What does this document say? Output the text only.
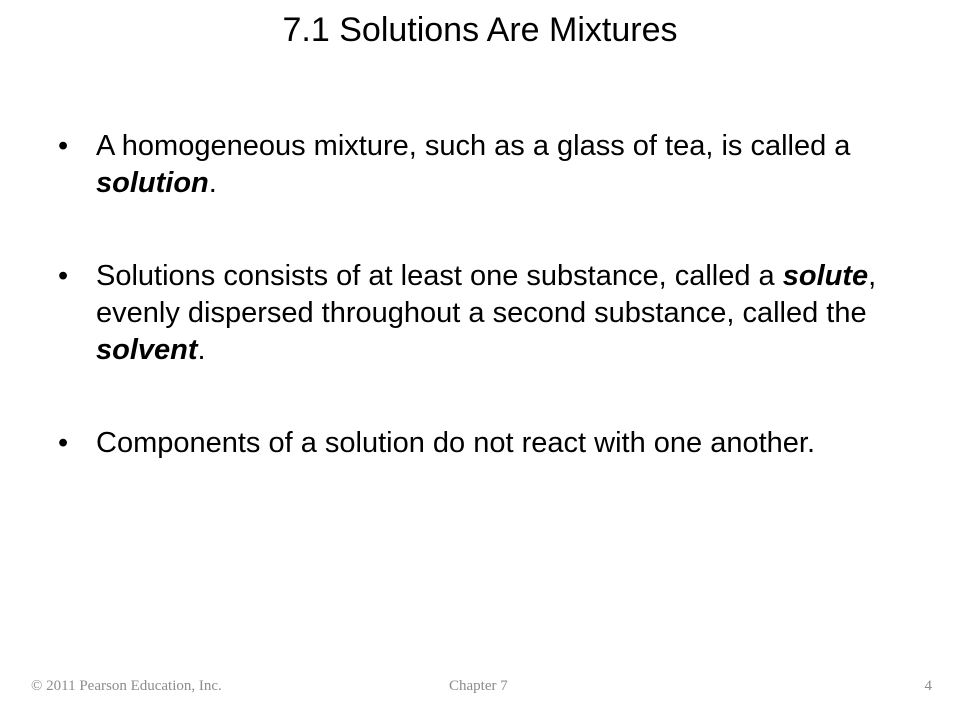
7.1 Solutions Are Mixtures
• A homogeneous mixture, such as a glass of tea, is called a solution.
• Solutions consists of at least one substance, called a solute, evenly dispersed throughout a second substance, called the solvent.
• Components of a solution do not react with one another.
© 2011 Pearson Education, Inc.	Chapter 7	4
